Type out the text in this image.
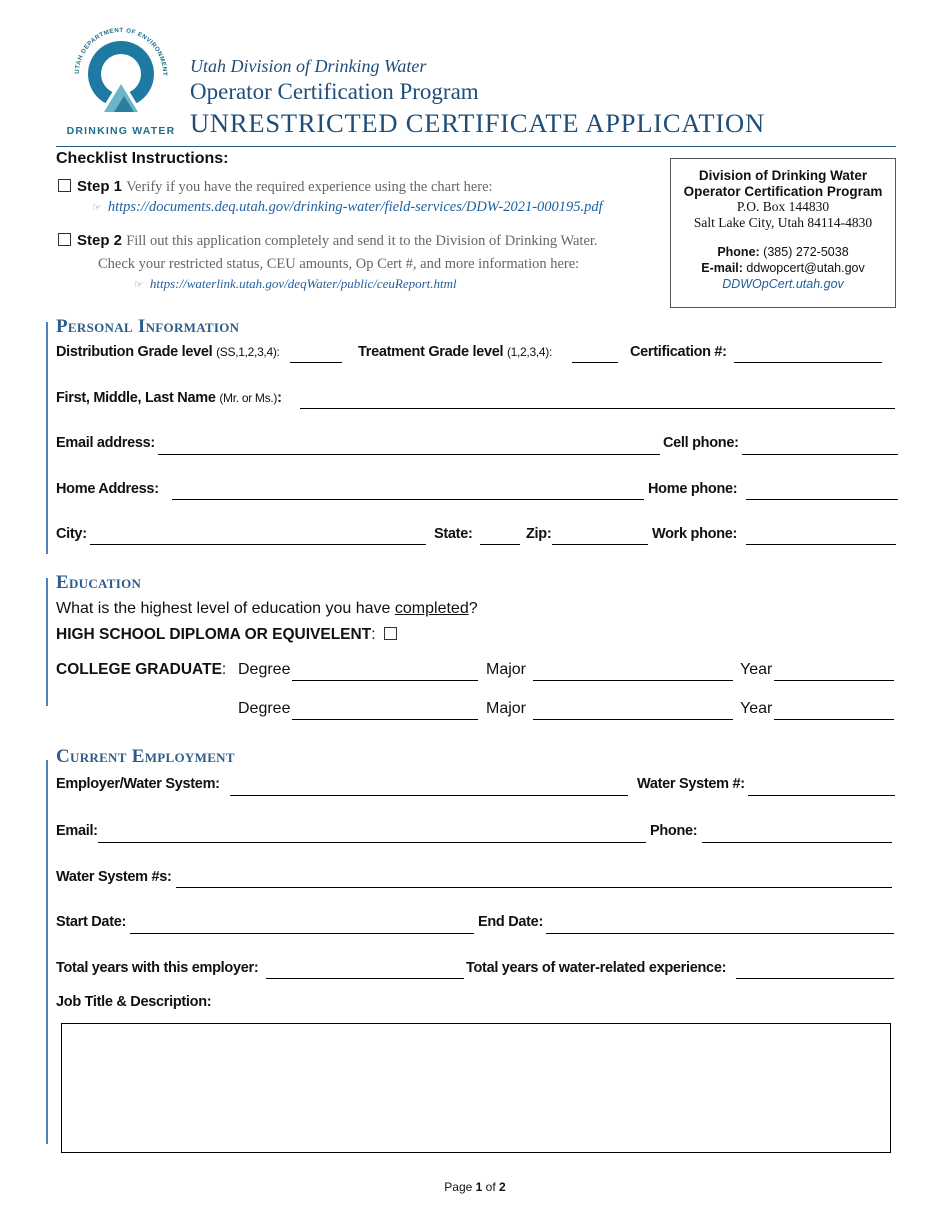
UTAH DEPARTMENT OF ENVIRONMENT
DRINKING WATER
Utah Division of Drinking Water
Operator Certification Program
UNRESTRICTED CERTIFICATE APPLICATION
Checklist Instructions:
Step 1 Verify if you have the required experience using the chart here:
☞ https://documents.deq.utah.gov/drinking-water/field-services/DDW-2021-000195.pdf
Step 2 Fill out this application completely and send it to the Division of Drinking Water.
Check your restricted status, CEU amounts, Op Cert #, and more information here:
☞ https://waterlink.utah.gov/deqWater/public/ceuReport.html
Division of Drinking Water
Operator Certification Program
P.O. Box 144830
Salt Lake City, Utah 84114-4830
Phone: (385) 272-5038
E-mail: ddwopcert@utah.gov
DDWOpCert.utah.gov
Personal Information
Distribution Grade level (SS,1,2,3,4):	Treatment Grade level (1,2,3,4):	Certification #:
First, Middle, Last Name (Mr. or Ms.):
Email address:	Cell phone:
Home Address:	Home phone:
City:	State:	Zip:	Work phone:
Education
What is the highest level of education you have completed?
HIGH SCHOOL DIPLOMA OR EQUIVELENT:
COLLEGE GRADUATE: Degree	Major	Year
Degree	Major	Year
Current Employment
Employer/Water System:	Water System #:
Email:	Phone:
Water System #s:
Start Date:	End Date:
Total years with this employer:	Total years of water-related experience:
Job Title & Description:
Page 1 of 2
